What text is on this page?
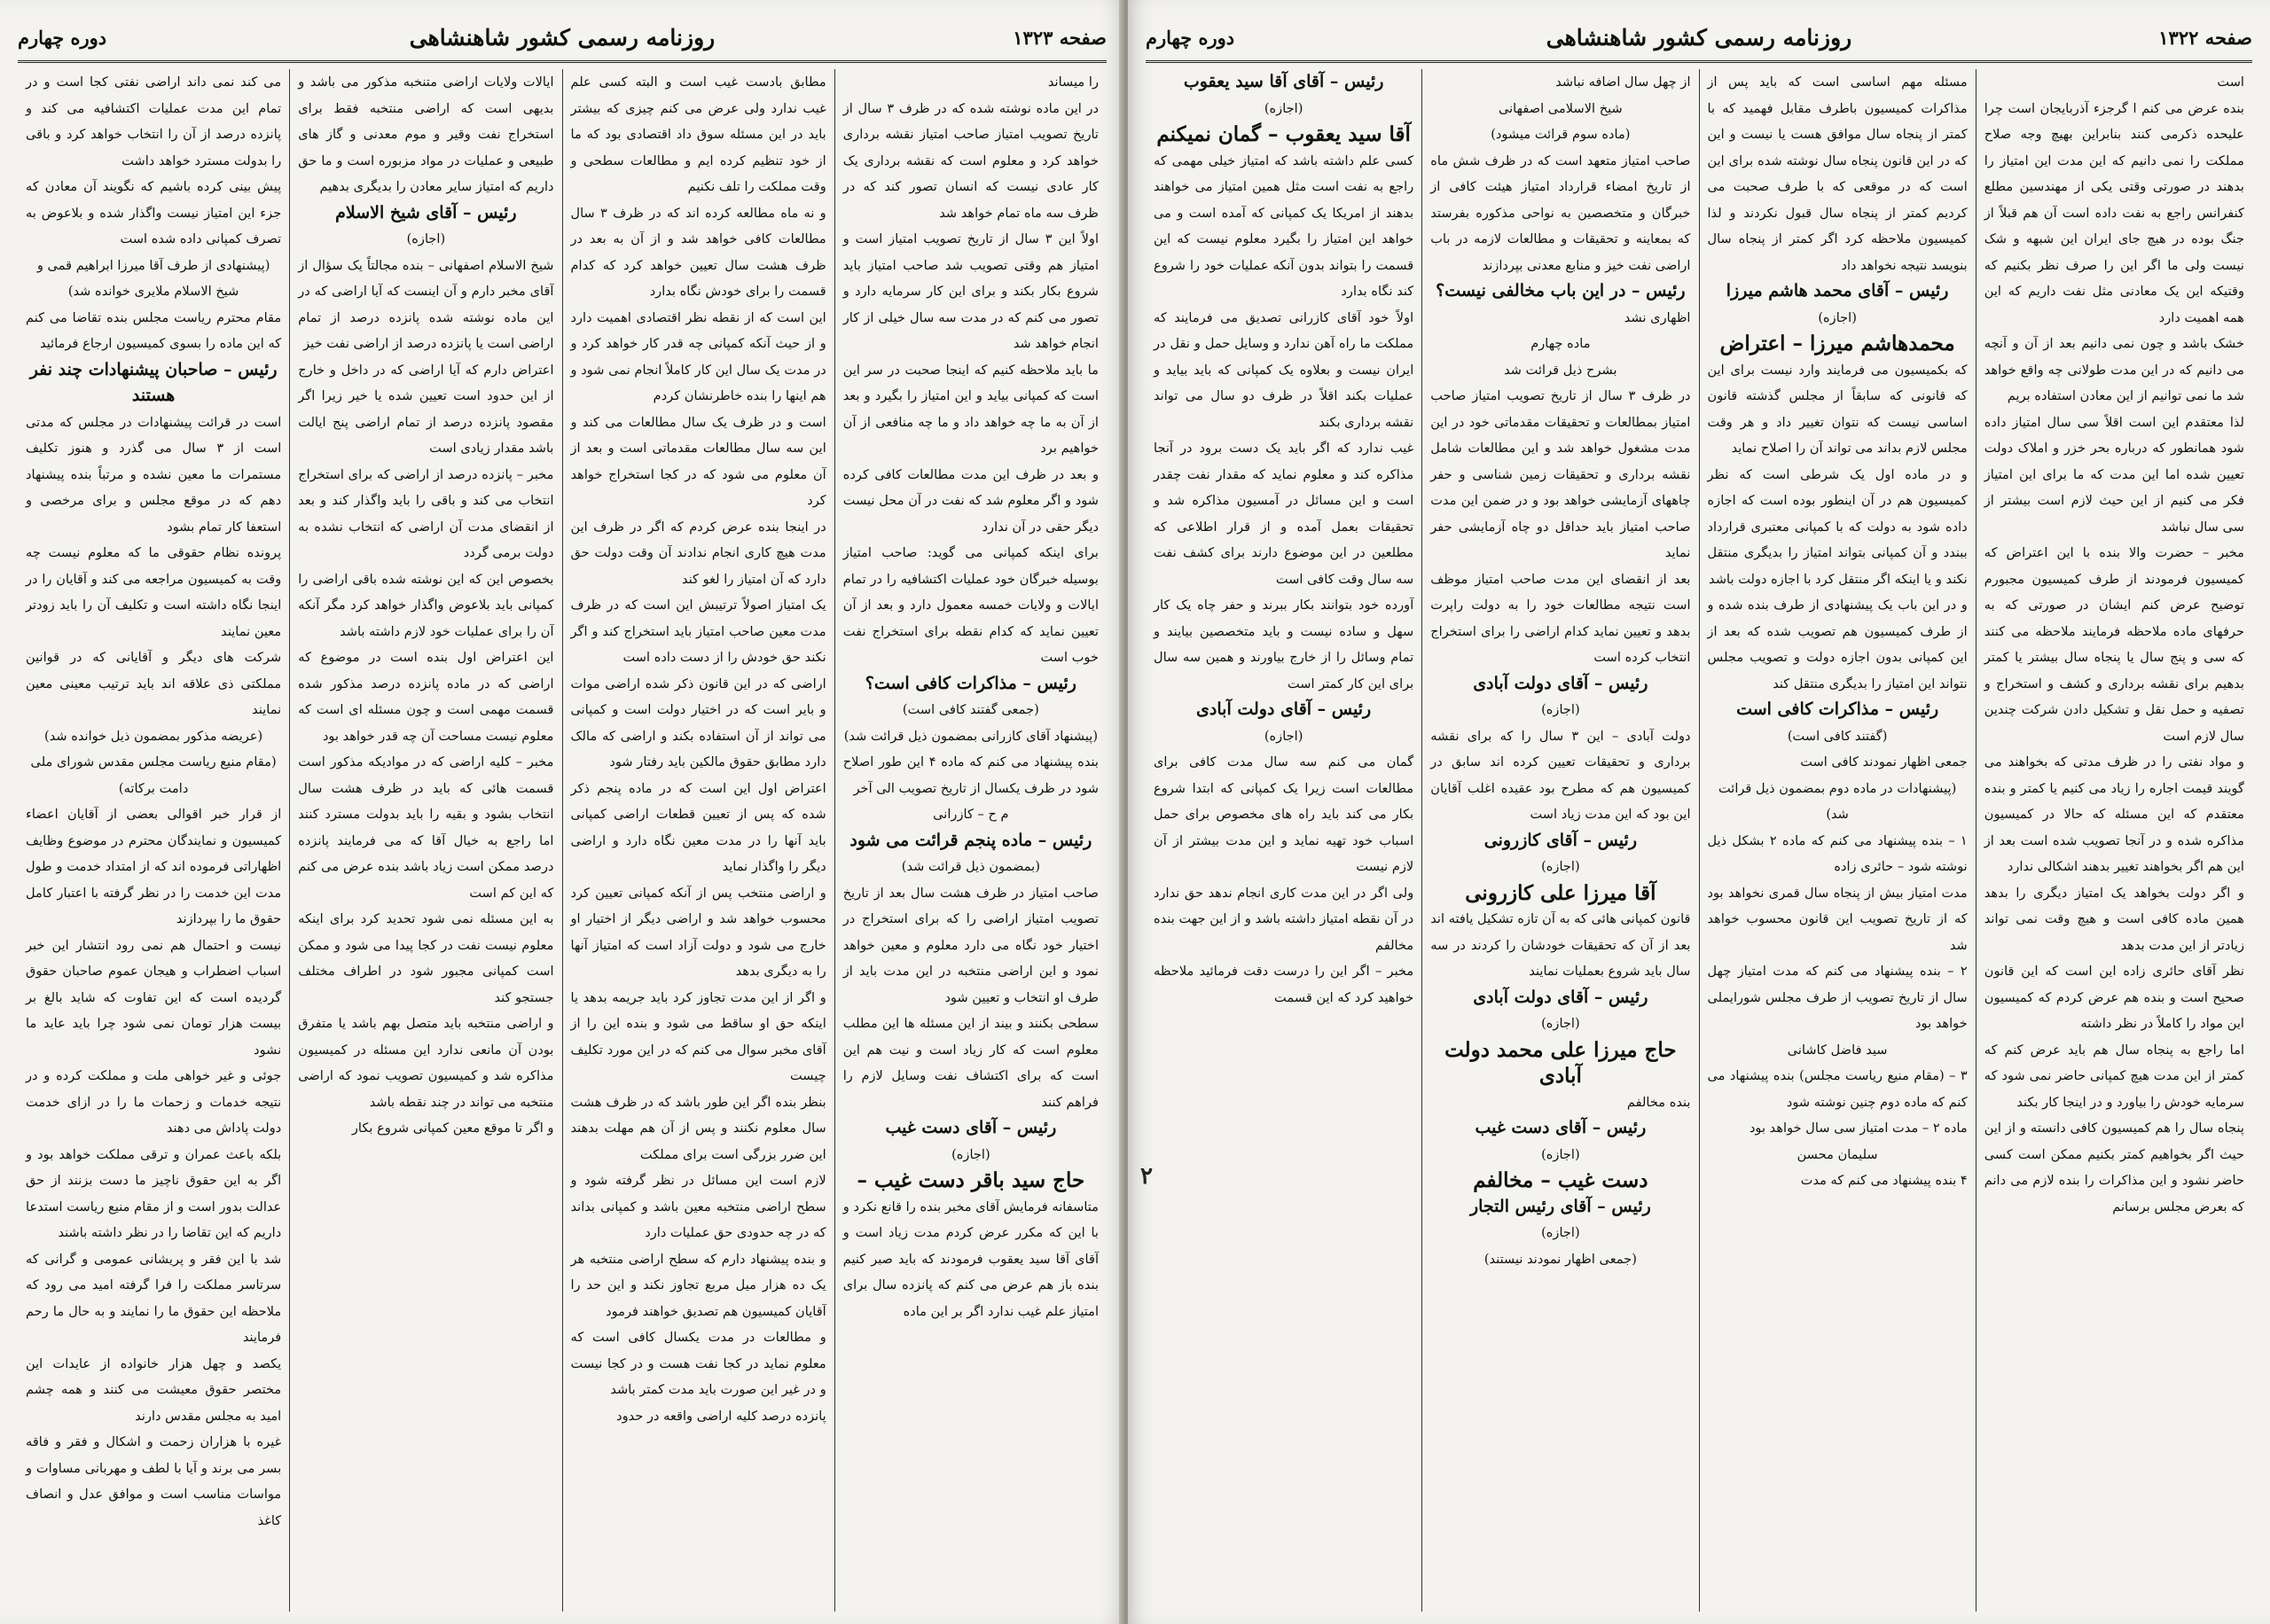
صفحه ۱۳۲۳
روزنامه رسمی کشور شاهنشاهی
دوره چهارم

را میساند

در این ماده نوشته شده که در ظرف ۳ سال از تاریخ تصویب امتیاز صاحب امتیاز نقشه برداری خواهد کرد و معلوم است که نقشه برداری یک کار عادی نیست که انسان تصور کند که در ظرف سه ماه تمام خواهد شد

اولاً این ۳ سال از تاریخ تصویب امتیاز است و امتیاز هم وقتی تصویب شد صاحب امتیاز باید شروع بکار بکند و برای این کار سرمایه دارد و تصور می کنم که در مدت سه سال خیلی از کار انجام خواهد شد

ما باید ملاحظه کنیم که اینجا صحبت در سر این است که کمپانی بیاید و این امتیاز را بگیرد و بعد از آن به ما چه خواهد داد و ما چه منافعی از آن خواهیم برد

و بعد در ظرف این مدت مطالعات کافی کرده شود و اگر معلوم شد که نفت در آن محل نیست دیگر حقی در آن ندارد

برای اینکه کمپانی می گوید: صاحب امتیاز بوسیله خبرگان خود عملیات اکتشافیه را در تمام ایالات و ولایات خمسه معمول دارد و بعد از آن تعیین نماید که کدام نقطه برای استخراج نفت خوب است

رئیس – مذاکرات کافی است؟

(جمعی گفتند کافی است)

(پیشنهاد آقای کازرانی بمضمون ذیل قرائت شد)

بنده پیشنهاد می کنم که ماده ۴ این طور اصلاح شود در ظرف یکسال از تاریخ تصویب الی آخر

م ح – کازرانی

رئیس – ماده پنجم قرائت می شود

(بمضمون ذیل قرائت شد)

صاحب امتیاز در ظرف هشت سال بعد از تاریخ تصویب امتیاز اراضی را که برای استخراج در اختیار خود نگاه می دارد معلوم و معین خواهد نمود و این اراضی منتخبه در این مدت باید از طرف او انتخاب و تعیین شود

سطحی بکنند و بیند از این مسئله ها این مطلب معلوم است که کار زیاد است و نیت هم این است که برای اکتشاف نفت وسایل لازم را فراهم کنند

رئیس – آقای دست غیب

(اجازه)

حاج سید باقر دست غیب –

متاسفانه فرمایش آقای مخبر بنده را قانع نکرد و با این که مکرر عرض کردم مدت زیاد است و آقای آقا سید یعقوب فرمودند که باید صبر کنیم بنده باز هم عرض می کنم که پانزده سال برای امتیاز علم غیب ندارد اگر بر این ماده

مطابق بادست غیب است و البته کسی علم غیب ندارد ولی عرض می کنم چیزی که بیشتر باید در این مسئله سوق داد اقتصادی بود که ما از خود تنظیم کرده ایم و مطالعات سطحی و وقت مملکت را تلف نکنیم

و نه ماه مطالعه کرده اند که در ظرف ۳ سال مطالعات کافی خواهد شد و از آن به بعد در ظرف هشت سال تعیین خواهد کرد که کدام قسمت را برای خودش نگاه بدارد

این است که از نقطه نظر اقتصادی اهمیت دارد و از حیث آنکه کمپانی چه قدر کار خواهد کرد و در مدت یک سال این کار کاملاً انجام نمی شود و هم اینها را بنده خاطرنشان کردم

است و در ظرف یک سال مطالعات می کند و این سه سال مطالعات مقدماتی است و بعد از آن معلوم می شود که در کجا استخراج خواهد کرد

در اینجا بنده عرض کردم که اگر در ظرف این مدت هیچ کاری انجام ندادند آن وقت دولت حق دارد که آن امتیاز را لغو کند

یک امتیاز اصولاً ترتیبش این است که در ظرف مدت معین صاحب امتیاز باید استخراج کند و اگر نکند حق خودش را از دست داده است

اراضی که در این قانون ذکر شده اراضی موات و بایر است که در اختیار دولت است و کمپانی می تواند از آن استفاده بکند و اراضی که مالک دارد مطابق حقوق مالکین باید رفتار شود

اعتراض اول این است که در ماده پنجم ذکر شده که پس از تعیین قطعات اراضی کمپانی باید آنها را در مدت معین نگاه دارد و اراضی دیگر را واگذار نماید

و اراضی منتخب پس از آنکه کمپانی تعیین کرد محسوب خواهد شد و اراضی دیگر از اختیار او خارج می شود و دولت آزاد است که امتیاز آنها را به دیگری بدهد

و اگر از این مدت تجاوز کرد باید جریمه بدهد یا اینکه حق او ساقط می شود و بنده این را از آقای مخبر سوال می کنم که در این مورد تکلیف چیست

بنظر بنده اگر این طور باشد که در ظرف هشت سال معلوم نکنند و پس از آن هم مهلت بدهند این ضرر بزرگی است برای مملکت

لازم است این مسائل در نظر گرفته شود و سطح اراضی منتخبه معین باشد و کمپانی بداند که در چه حدودی حق عملیات دارد

و بنده پیشنهاد دارم که سطح اراضی منتخبه هر یک ده هزار میل مربع تجاوز نکند و این حد را آقایان کمیسیون هم تصدیق خواهند فرمود

و مطالعات در مدت یکسال کافی است که معلوم نماید در کجا نفت هست و در کجا نیست و در غیر این صورت باید مدت کمتر باشد

پانزده درصد کلیه اراضی واقعه در حدود

ایالات ولایات اراضی متنخبه مذکور می باشد و بدیهی است که اراضی منتخبه فقط برای استخراج نفت وقیر و موم معدنی و گاز های طبیعی و عملیات در مواد مزبوره است و ما حق داریم که امتیاز سایر معادن را بدیگری بدهیم

رئیس – آقای شیخ الاسلام

(اجازه)

شیخ الاسلام اصفهانی – بنده مجالتاً یک سؤال از آقای مخبر دارم و آن اینست که آیا اراضی که در این ماده نوشته شده پانزده درصد از تمام اراضی است یا پانزده درصد از اراضی نفت خیز

اعتراض دارم که آیا اراضی که در داخل و خارج از این حدود است تعیین شده یا خیر زیرا اگر مقصود پانزده درصد از تمام اراضی پنج ایالت باشد مقدار زیادی است

مخبر – پانزده درصد از اراضی که برای استخراج انتخاب می کند و باقی را باید واگذار کند و بعد از انقضای مدت آن اراضی که انتخاب نشده به دولت برمی گردد

بخصوص این که این نوشته شده باقی اراضی را کمپانی باید بلاعوض واگذار خواهد کرد مگر آنکه آن را برای عملیات خود لازم داشته باشد

این اعتراض اول بنده است در موضوع که اراضی که در ماده پانزده درصد مذکور شده قسمت مهمی است و چون مسئله ای است که معلوم نیست مساحت آن چه قدر خواهد بود

مخبر – کلیه اراضی که در موادیکه مذکور است قسمت هائی که باید در ظرف هشت سال انتخاب بشود و بقیه را باید بدولت مسترد کنند اما راجع به خیال آقا که می فرمایند پانزده درصد ممکن است زیاد باشد بنده عرض می کنم که این کم است

به این مسئله نمی شود تحدید کرد برای اینکه معلوم نیست نفت در کجا پیدا می شود و ممکن است کمپانی مجبور شود در اطراف مختلف جستجو کند

و اراضی منتخبه باید متصل بهم باشد یا متفرق بودن آن مانعی ندارد این مسئله در کمیسیون مذاکره شد و کمیسیون تصویب نمود که اراضی منتخبه می تواند در چند نقطه باشد

و اگر تا موقع معین کمپانی شروع بکار

می کند نمی داند اراضی نفتی کجا است و در تمام این مدت عملیات اکتشافیه می کند و پانزده درصد از آن را انتخاب خواهد کرد و باقی را بدولت مسترد خواهد داشت

پیش بینی کرده باشیم که نگویند آن معادن که جزء این امتیاز نیست واگذار شده و بلاعوض به تصرف کمپانی داده شده است

(پیشنهادی از طرف آقا میرزا ابراهیم قمی و شیخ الاسلام ملایری خوانده شد)

مقام محترم ریاست مجلس بنده تقاضا می کنم که این ماده را بسوی کمیسیون ارجاع فرمائید

رئیس – صاحبان پیشنهادات چند نفر هستند

است در قرائت پیشنهادات در مجلس که مدتی است از ۳ سال می گذرد و هنوز تکلیف مستمرات ما معین نشده و مرتباً بنده پیشنهاد دهم که در موقع مجلس و برای مرخصی و استعفا کار تمام بشود

پرونده نظام حقوقی ما که معلوم نیست چه وقت به کمیسیون مراجعه می کند و آقایان را در اینجا نگاه داشته است و تکلیف آن را باید زودتر معین نمایند

شرکت های دیگر و آقایانی که در قوانین مملکتی ذی علاقه اند باید ترتیب معینی معین نمایند

(عریضه مذکور بمضمون ذیل خوانده شد)

(مقام منیع ریاست مجلس مقدس شورای ملی دامت برکاته)

از قرار خبر اقوالی بعضی از آقایان اعضاء کمیسیون و نمایندگان محترم در موضوع وظایف اظهاراتی فرموده اند که از امتداد خدمت و طول مدت این خدمت را در نظر گرفته با اعتبار کامل حقوق ما را بپردازند

نیست و احتمال هم نمی رود انتشار این خبر اسباب اضطراب و هیجان عموم صاحبان حقوق گردیده است که این تفاوت که شاید بالغ بر بیست هزار تومان نمی شود چرا باید عاید ما نشود

جوئی و غیر خواهی ملت و مملکت کرده و در نتیجه خدمات و زحمات ما را در ازای خدمت دولت پاداش می دهند

بلکه باعث عمران و ترقی مملکت خواهد بود و اگر به این حقوق ناچیز ما دست بزنند از حق عدالت بدور است و از مقام منیع ریاست استدعا داریم که این تقاضا را در نظر داشته باشند

شد با این فقر و پریشانی عمومی و گرانی که سرتاسر مملکت را فرا گرفته امید می رود که ملاحظه این حقوق ما را نمایند و به حال ما رحم فرمایند

یکصد و چهل هزار خانواده از عایدات این مختصر حقوق معیشت می کنند و همه چشم امید به مجلس مقدس دارند

غیره با هزاران زحمت و اشکال و فقر و فاقه بسر می برند و آیا با لطف و مهربانی مساوات و مواسات مناسب است و موافق عدل و انصاف کاغذ

صفحه ۱۳۲۲
روزنامه رسمی کشور شاهنشاهی
دوره چهارم

است

بنده عرض می کنم ا گرجزء آذربایجان است چرا علیحده ذکرمی کنند بنابراین بهیچ وجه صلاح مملکت را نمی دانیم که این مدت این امتیاز را بدهند در صورتی وقتی یکی از مهندسین مطلع کنفرانس راجع به نفت داده است آن هم قبلاً از جنگ بوده در هیچ جای ایران این شبهه و شک نیست ولی ما اگر این را صرف نظر بکنیم که وقتیکه این یک معادنی مثل نفت داریم که این همه اهمیت دارد

خشک باشد و چون نمی دانیم بعد از آن و آنچه می دانیم که در این مدت طولانی چه واقع خواهد شد ما نمی توانیم از این معادن استفاده بریم

لذا معتقدم این است اقلاً سی سال امتیاز داده شود همانطور که درباره بحر خزر و املاک دولت تعیین شده اما این مدت که ما برای این امتیاز فکر می کنیم از این حیث لازم است بیشتر از سی سال نباشد

مخبر – حضرت والا بنده با این اعتراض که کمیسیون فرمودند از طرف کمیسیون مجبورم توضیح عرض کنم ایشان در صورتی که به حرفهای ماده ملاحظه فرمایند ملاحظه می کنند که سی و پنج سال یا پنجاه سال بیشتر یا کمتر بدهیم برای نقشه برداری و کشف و استخراج و تصفیه و حمل نقل و تشکیل دادن شرکت چندین سال لازم است

و مواد نفتی را در ظرف مدتی که بخواهند می گویند قیمت اجاره را زیاد می کنیم یا کمتر و بنده معتقدم که این مسئله که حالا در کمیسیون مذاکره شده و در آنجا تصویب شده است بعد از این هم اگر بخواهند تغییر بدهند اشکالی ندارد

و اگر دولت بخواهد یک امتیاز دیگری را بدهد همین ماده کافی است و هیچ وقت نمی تواند زیادتر از این مدت بدهد

نظر آقای حائری زاده این است که این قانون صحیح است و بنده هم عرض کردم که کمیسیون این مواد را کاملاً در نظر داشته

اما راجع به پنجاه سال هم باید عرض کنم که کمتر از این مدت هیچ کمپانی حاضر نمی شود که سرمایه خودش را بیاورد و در اینجا کار بکند

پنجاه سال را هم کمیسیون کافی دانسته و از این حیث اگر بخواهیم کمتر بکنیم ممکن است کسی حاضر نشود و این مذاکرات را بنده لازم می دانم که بعرض مجلس برسانم

مسئله مهم اساسی است که باید پس از مذاکرات کمیسیون باطرف مقابل فهمید که با کمتر از پنجاه سال موافق هست یا نیست و این که در این قانون پنجاه سال نوشته شده برای این است که در موقعی که با طرف صحبت می کردیم کمتر از پنجاه سال قبول نکردند و لذا کمیسیون ملاحظه کرد اگر کمتر از پنجاه سال بنویسد نتیجه نخواهد داد

رئیس – آقای محمد هاشم میرزا

(اجازه)

محمدهاشم میرزا – اعتراض

که بکمیسیون می فرمایند وارد نیست برای این که قانونی که سابقاً از مجلس گذشته قانون اساسی نیست که نتوان تغییر داد و هر وقت مجلس لازم بداند می تواند آن را اصلاح نماید

و در ماده اول یک شرطی است که نظر کمیسیون هم در آن اینطور بوده است که اجازه داده شود به دولت که با کمپانی معتبری قرارداد ببندد و آن کمپانی بتواند امتیاز را بدیگری منتقل نکند و یا اینکه اگر منتقل کرد با اجازه دولت باشد

و در این باب یک پیشنهادی از طرف بنده شده و از طرف کمیسیون هم تصویب شده که بعد از این کمپانی بدون اجازه دولت و تصویب مجلس نتواند این امتیاز را بدیگری منتقل کند

رئیس – مذاکرات کافی است

(گفتند کافی است)

جمعی اظهار نمودند کافی است

(پیشنهادات در ماده دوم بمضمون ذیل قرائت شد)

۱ – بنده پیشنهاد می کنم که ماده ۲ بشکل ذیل نوشته شود – حائری زاده

مدت امتیاز بیش از پنجاه سال قمری نخواهد بود که از تاریخ تصویب این قانون محسوب خواهد شد

۲ – بنده پیشنهاد می کنم که مدت امتیاز چهل سال از تاریخ تصویب از طرف مجلس شورایملی خواهد بود

سید فاضل کاشانی

۳ – (مقام منیع ریاست مجلس) بنده پیشنهاد می کنم که ماده دوم چنین نوشته شود

ماده ۲ – مدت امتیاز سی سال خواهد بود

سلیمان محسن

۴ بنده پیشنهاد می کنم که مدت

از چهل سال اضافه نباشد

شیخ الاسلامی اصفهانی

(ماده سوم قرائت میشود)

صاحب امتیاز متعهد است که در ظرف شش ماه از تاریخ امضاء قرارداد امتیاز هیئت کافی از خبرگان و متخصصین به نواحی مذکوره بفرستد که بمعاینه و تحقیقات و مطالعات لازمه در باب اراضی نفت خیز و منابع معدنی بپردازند

رئیس – در این باب مخالفی نیست؟

اظهاری نشد

ماده چهارم

بشرح ذیل قرائت شد

در ظرف ۳ سال از تاریخ تصویب امتیاز صاحب امتیاز بمطالعات و تحقیقات مقدماتی خود در این مدت مشغول خواهد شد و این مطالعات شامل نقشه برداری و تحقیقات زمین شناسی و حفر چاههای آزمایشی خواهد بود و در ضمن این مدت صاحب امتیاز باید حداقل دو چاه آزمایشی حفر نماید

بعد از انقضای این مدت صاحب امتیاز موظف است نتیجه مطالعات خود را به دولت راپرت بدهد و تعیین نماید کدام اراضی را برای استخراج انتخاب کرده است

رئیس – آقای دولت آبادی

(اجازه)

دولت آبادی – این ۳ سال را که برای نقشه برداری و تحقیقات تعیین کرده اند سابق در کمیسیون هم که مطرح بود عقیده اغلب آقایان این بود که این مدت زیاد است

رئیس – آقای کازرونی

(اجازه)

آقا میرزا علی کازرونی

قانون کمپانی هائی که به آن تازه تشکیل یافته اند بعد از آن که تحقیقات خودشان را کردند در سه سال باید شروع بعملیات نمایند

رئیس – آقای دولت آبادی

(اجازه)

حاج میرزا علی محمد دولت آبادی

بنده مخالفم

رئیس – آقای دست غیب

(اجازه)

دست غیب – مخالفم

رئیس – آقای رئیس التجار

(اجازه)

(جمعی اظهار نمودند نیستند)

رئیس – آقای آقا سید یعقوب

(اجازه)

آقا سید یعقوب – گمان نمیکنم

کسی علم داشته باشد که امتیاز خیلی مهمی که راجع به نفت است مثل همین امتیاز می خواهند بدهند از امریکا یک کمپانی که آمده است و می خواهد این امتیاز را بگیرد معلوم نیست که این قسمت را بتواند بدون آنکه عملیات خود را شروع کند نگاه بدارد

اولاً خود آقای کازرانی تصدیق می فرمایند که مملکت ما راه آهن ندارد و وسایل حمل و نقل در ایران نیست و بعلاوه یک کمپانی که باید بیاید و عملیات بکند اقلاً در ظرف دو سال می تواند نقشه برداری بکند

غیب ندارد که اگر باید یک دست برود در آنجا مذاکره کند و معلوم نماید که مقدار نفت چقدر است و این مسائل در آمسیون مذاکره شد و تحقیقات بعمل آمده و از قرار اطلاعی که مطلعین در این موضوع دارند برای کشف نفت سه سال وقت کافی است

آورده خود بتوانند بکار ببرند و حفر چاه یک کار سهل و ساده نیست و باید متخصصین بیایند و تمام وسائل را از خارج بیاورند و همین سه سال برای این کار کمتر است

رئیس – آقای دولت آبادی

(اجازه)

گمان می کنم سه سال مدت کافی برای مطالعات است زیرا یک کمپانی که ابتدا شروع بکار می کند باید راه های مخصوص برای حمل اسباب خود تهیه نماید و این مدت بیشتر از آن لازم نیست

ولی اگر در این مدت کاری انجام ندهد حق ندارد در آن نقطه امتیاز داشته باشد و از این جهت بنده مخالفم

مخبر – اگر این را درست دقت فرمائید ملاحظه خواهید کرد که این قسمت

۲
